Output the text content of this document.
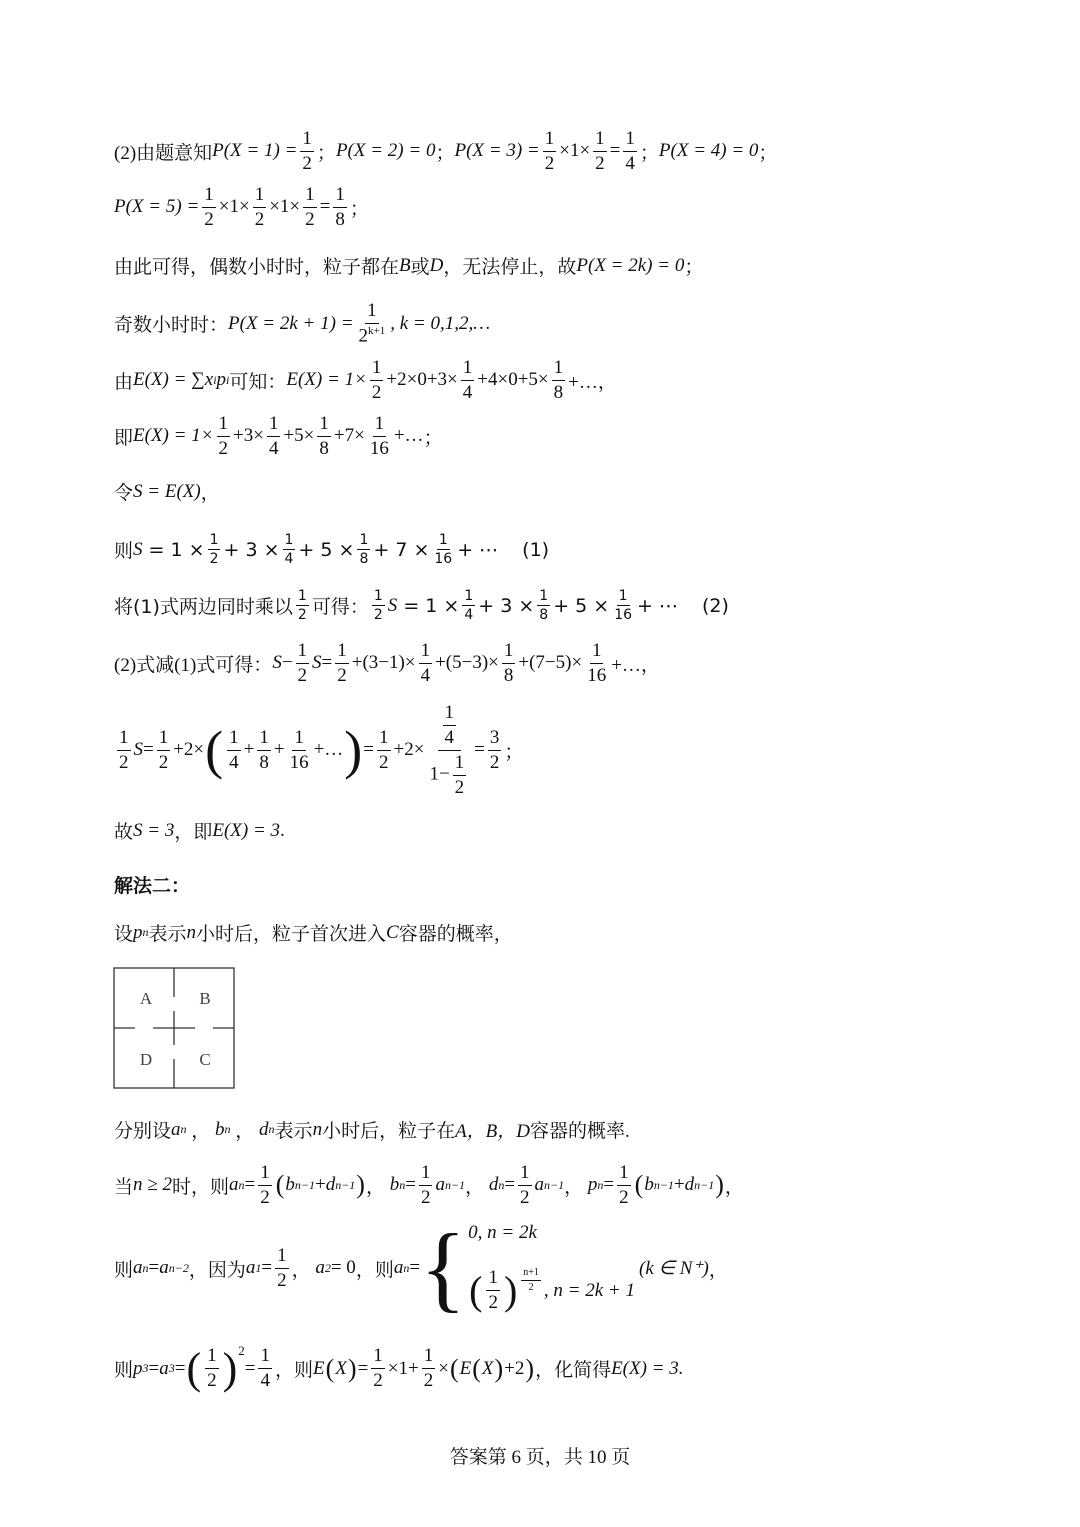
(2)由题意知 $P(X = 1) = \frac{1}{2}$ ； P(X = 2) = 0 ； $P(X = 3) = \frac{1}{2} \times 1\times \frac{1}{2} = \frac{1}{4}$ ； P(X = 4) = 0 ；
$P(X = 5) = \frac{1}{2} \times 1\times \frac{1}{2} \times 1\times \frac{1}{2} = \frac{1}{8}$ ；
由此可得，偶数小时时，粒子都在 B 或 D ，无法停止，故 P(X = 2k) = 0 ；
奇数小时时： $P(X = 2k + 1) = \frac{1}{2^{k+1}}$ , k = 0,1,2,…
由 E(X) = ∑x i p i 可知： $E(X) = 1\times \frac{1}{2} +2\times 0+3\times \frac{1}{4} +4\times 0+5\times \frac{1}{8}$ +…，
即 $E(X) = 1\times \frac{1}{2} +3\times \frac{1}{4} +5\times \frac{1}{8} +7\times \frac{1}{16}$ +… ；
令 S = E(X) ，
则 $S = 1 \times \frac{1}{2} + 3 \times \frac{1}{4} + 5 \times \frac{1}{8} + 7 \times \frac{1}{16}$ + ⋯ (1)
将(1)式两边同时乘以 $\frac{1}{2}$ 可得： $\frac{1}{2}$ $S = 1 \times \frac{1}{4} + 3 \times \frac{1}{8} + 5 \times \frac{1}{16}$ + ⋯ (2)
(2)式减(1)式可得： $S - \frac{1}{2}$ $S = \frac{1}{2} +(3-1)\times \frac{1}{4} +(5-3)\times \frac{1}{8} +(7-5)\times \frac{1}{16}$ +…，
$\frac{1}{2}$ $S = \frac{1}{2} +2\times$ ( $\frac{1}{4} + \frac{1}{8} + \frac{1}{16}$ +… ) = $\frac{1}{2} +2\times \frac{\frac{1}{4}}{1- \frac{1}{2}} = \frac{3}{2}$ ；
故 S = 3 ，即 E(X) = 3 .
解法二：
设 p n 表示 n 小时后，粒子首次进入 C 容器的概率，
A	B
D	C
分别设 a n ， b n ， d n 表示 n 小时后，粒子在 A，B，D 容器的概率.
当 n ≥ 2 时，则 a $n = \frac{1}{2}$ ( b n−1 + d n−1 ) ， b $n = \frac{1}{2}$ a n−1 ， d $n = \frac{1}{2}$ a n−1 ， p $n = \frac{1}{2}$ ( b n−1 + d n−1 ) ，
则 a n = a n−2 ，因为 a $1 = \frac{1}{2}$ ， a 2 = 0 ，则 a n = { 0, n = 2k
( $\frac{1}{2}$ ) $\frac{n+1}{2}$ , n = 2k + 1
(k ∈ N⁺) ，
则 p 3 = a 3 = ( $\frac{1}{2}$ ) 2
= $\frac{1}{4}$ ，则 E ( X ) = $\frac{1}{2} \times 1+ \frac{1}{2}$ × ( E ( X ) +2 ) ，化简得 E(X) = 3.
答案第 6 页，共 10 页
